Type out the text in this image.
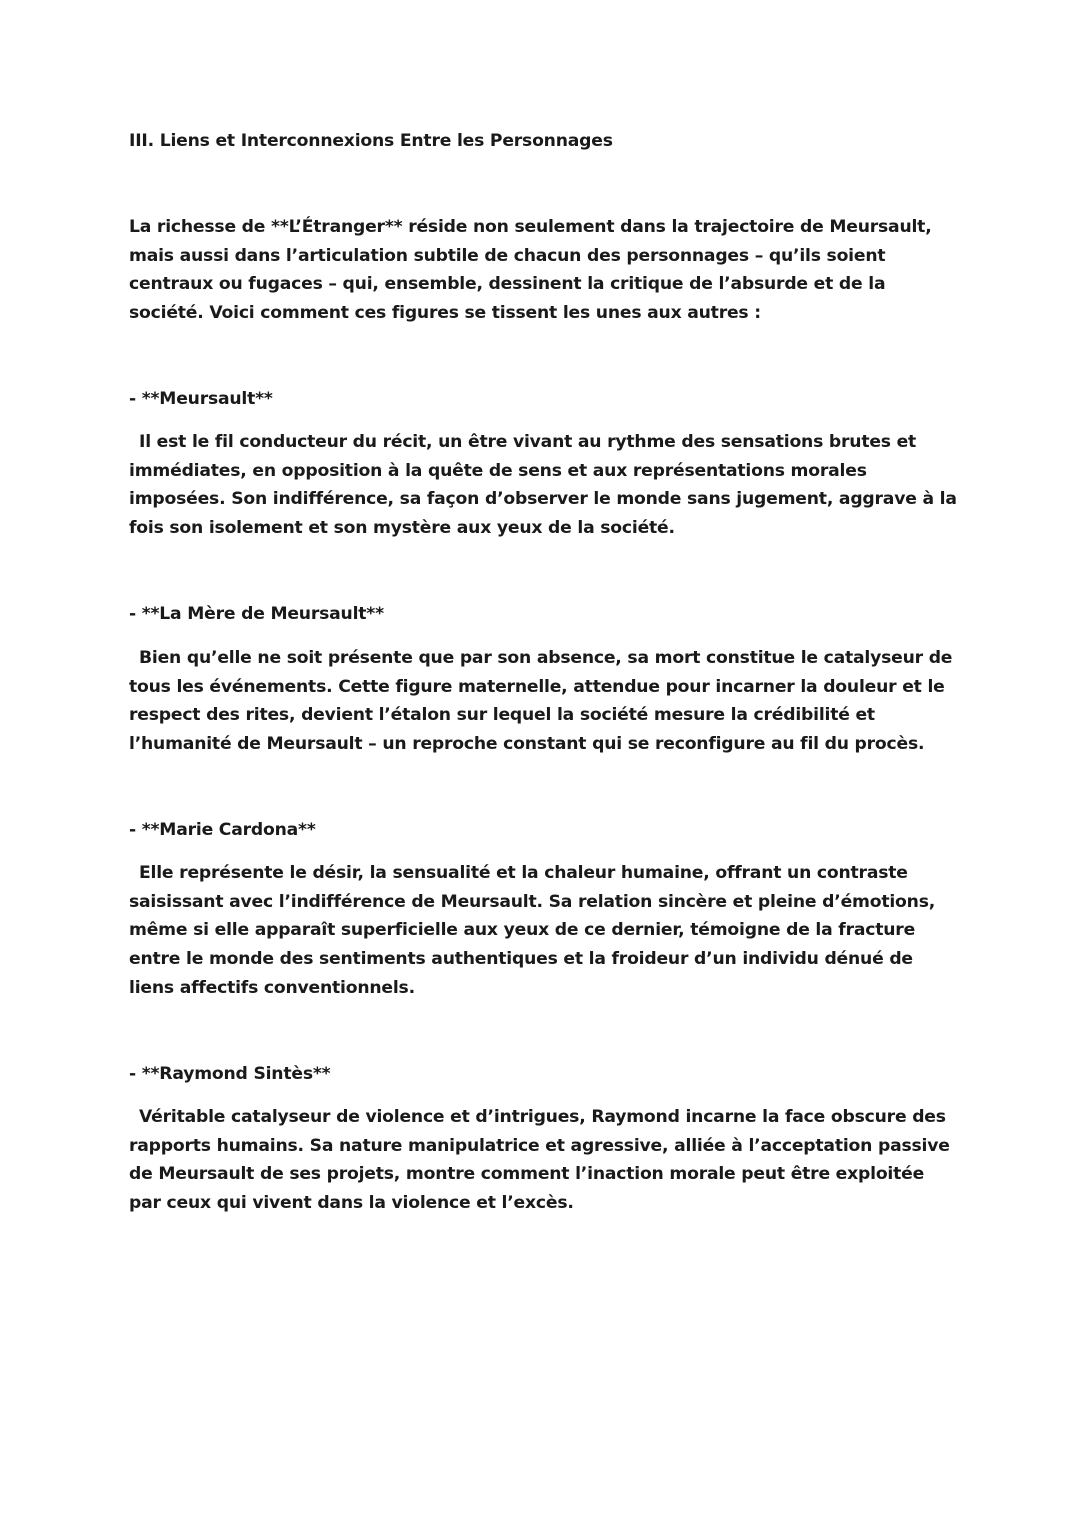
III. Liens et Interconnexions Entre les Personnages

La richesse de **L’Étranger** réside non seulement dans la trajectoire de Meursault, mais aussi dans l’articulation subtile de chacun des personnages – qu’ils soient centraux ou fugaces – qui, ensemble, dessinent la critique de l’absurde et de la société. Voici comment ces figures se tissent les unes aux autres :

- **Meursault**

Il est le fil conducteur du récit, un être vivant au rythme des sensations brutes et immédiates, en opposition à la quête de sens et aux représentations morales imposées. Son indifférence, sa façon d’observer le monde sans jugement, aggrave à la fois son isolement et son mystère aux yeux de la société.

- **La Mère de Meursault**

Bien qu’elle ne soit présente que par son absence, sa mort constitue le catalyseur de tous les événements. Cette figure maternelle, attendue pour incarner la douleur et le respect des rites, devient l’étalon sur lequel la société mesure la crédibilité et l’humanité de Meursault – un reproche constant qui se reconfigure au fil du procès.

- **Marie Cardona**

Elle représente le désir, la sensualité et la chaleur humaine, offrant un contraste saisissant avec l’indifférence de Meursault. Sa relation sincère et pleine d’émotions, même si elle apparaît superficielle aux yeux de ce dernier, témoigne de la fracture entre le monde des sentiments authentiques et la froideur d’un individu dénué de liens affectifs conventionnels.

- **Raymond Sintès**

Véritable catalyseur de violence et d’intrigues, Raymond incarne la face obscure des rapports humains. Sa nature manipulatrice et agressive, alliée à l’acceptation passive de Meursault de ses projets, montre comment l’inaction morale peut être exploitée par ceux qui vivent dans la violence et l’excès.
